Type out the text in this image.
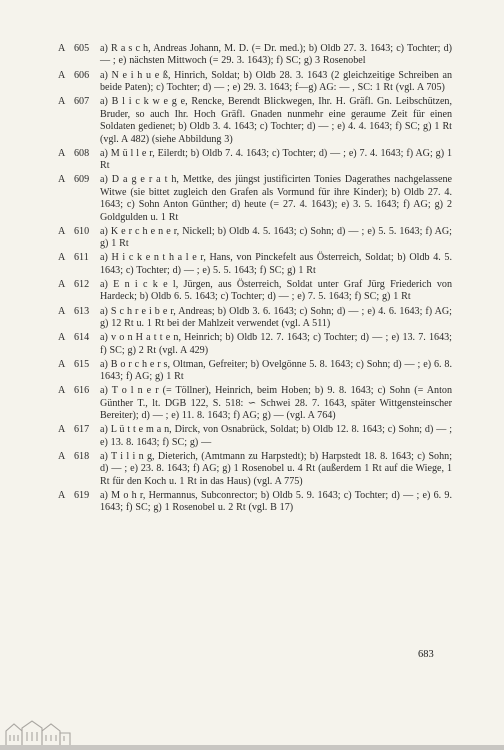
A 605 a) R a s c h, Andreas Johann, M. D. (= Dr. med.); b) Oldb 27. 3. 1643; c) Tochter; d) — ; e) nächsten Mittwoch (= 29. 3. 1643); f) SC; g) 3 Rosenobel
A 606 a) N e i h u e ß, Hinrich, Soldat; b) Oldb 28. 3. 1643 (2 gleichzeitige Schreiben an beide Paten); c) Tochter; d) — ; e) 29. 3. 1643; f—g) AG: — , SC: 1 Rt (vgl. A 705)
A 607 a) B l i c k w e g e, Rencke, Berendt Blickwegen, Ihr. H. Gräfl. Gn. Leibschützen, Bruder, so auch Ihr. Hoch Gräfl. Gnaden nunmehr eine geraume Zeit für einen Soldaten gedienet; b) Oldb 3. 4. 1643; c) Tochter; d) — ; e) 4. 4. 1643; f) SC; g) 1 Rt (vgl. A 482) (siehe Abbildung 3)
A 608 a) M ü l l e r, Eilerdt; b) Oldb 7. 4. 1643; c) Tochter; d) — ; e) 7. 4. 1643; f) AG; g) 1 Rt
A 609 a) D a g e r a t h, Mettke, des jüngst justificirten Tonies Dagerathes nachgelassene Witwe (sie bittet zugleich den Grafen als Vormund für ihre Kinder); b) Oldb 27. 4. 1643; c) Sohn Anton Günther; d) heute (= 27. 4. 1643); e) 3. 5. 1643; f) AG; g) 2 Goldgulden u. 1 Rt
A 610 a) K e r c h e n e r, Nickell; b) Oldb 4. 5. 1643; c) Sohn; d) — ; e) 5. 5. 1643; f) AG; g) 1 Rt
A 611 a) H i c k e n t h a l e r, Hans, von Pinckefelt aus Österreich, Soldat; b) Oldb 4. 5. 1643; c) Tochter; d) — ; e) 5. 5. 1643; f) SC; g) 1 Rt
A 612 a) E n i c k e l, Jürgen, aus Österreich, Soldat unter Graf Jürg Friederich von Hardeck; b) Oldb 6. 5. 1643; c) Tochter; d) — ; e) 7. 5. 1643; f) SC; g) 1 Rt
A 613 a) S c h r e i b e r, Andreas; b) Oldb 3. 6. 1643; c) Sohn; d) — ; e) 4. 6. 1643; f) AG; g) 12 Rt u. 1 Rt bei der Mahlzeit verwendet (vgl. A 511)
A 614 a) v o n H a t t e n, Heinrich; b) Oldb 12. 7. 1643; c) Tochter; d) — ; e) 13. 7. 1643; f) SC; g) 2 Rt (vgl. A 429)
A 615 a) B o r c h e r s, Oltman, Gefreiter; b) Ovelgönne 5. 8. 1643; c) Sohn; d) — ; e) 6. 8. 1643; f) AG; g) 1 Rt
A 616 a) T o l n e r (= Töllner), Heinrich, beim Hoben; b) 9. 8. 1643; c) Sohn (= Anton Günther T., lt. DGB 122, S. 518: ∽ Schwei 28. 7. 1643, später Wittgensteinscher Bereiter); d) — ; e) 11. 8. 1643; f) AG; g) — (vgl. A 764)
A 617 a) L ü t t e m a n, Dirck, von Osnabrück, Soldat; b) Oldb 12. 8. 1643; c) Sohn; d) — ; e) 13. 8. 1643; f) SC; g) —
A 618 a) T i l i n g, Dieterich, (Amtmann zu Harpstedt); b) Harpstedt 18. 8. 1643; c) Sohn; d) — ; e) 23. 8. 1643; f) AG; g) 1 Rosenobel u. 4 Rt (außerdem 1 Rt auf die Wiege, 1 Rt für den Koch u. 1 Rt in das Haus) (vgl. A 775)
A 619 a) M o h r, Hermannus, Subconrector; b) Oldb 5. 9. 1643; c) Tochter; d) — ; e) 6. 9. 1643; f) SC; g) 1 Rosenobel u. 2 Rt (vgl. B 17)
683
